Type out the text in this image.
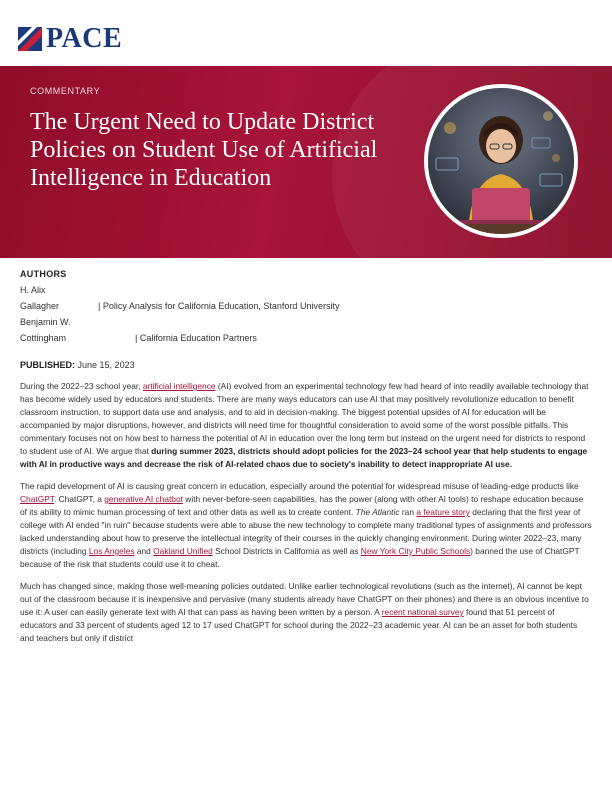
PACE
COMMENTARY
The Urgent Need to Update District Policies on Student Use of Artificial Intelligence in Education
AUTHORS
H. Alix
Gallagher	| Policy Analysis for California Education, Stanford University
Benjamin W.
Cottingham	| California Education Partners
PUBLISHED: June 15, 2023

During the 2022–23 school year, artificial intelligence (AI) evolved from an experimental technology few had heard of into readily available technology that has become widely used by educators and students. There are many ways educators can use AI that may positively revolutionize education to benefit classroom instruction, to support data use and analysis, and to aid in decision-making. The biggest potential upsides of AI for education will be accompanied by major disruptions, however, and districts will need time for thoughtful consideration to avoid some of the worst possible pitfalls. This commentary focuses not on how best to harness the potential of AI in education over the long term but instead on the urgent need for districts to respond to student use of AI. We argue that during summer 2023, districts should adopt policies for the 2023–24 school year that help students to engage with AI in productive ways and decrease the risk of AI-related chaos due to society's inability to detect inappropriate AI use.

The rapid development of AI is causing great concern in education, especially around the potential for widespread misuse of leading-edge products like ChatGPT. ChatGPT, a generative AI chatbot with never-before-seen capabilities, has the power (along with other AI tools) to reshape education because of its ability to mimic human processing of text and other data as well as to create content. The Atlantic ran a feature story declaring that the first year of college with AI ended "in ruin" because students were able to abuse the new technology to complete many traditional types of assignments and professors lacked understanding about how to preserve the intellectual integrity of their courses in the quickly changing environment. During winter 2022–23, many districts (including Los Angeles and Oakland Unified School Districts in California as well as New York City Public Schools) banned the use of ChatGPT because of the risk that students could use it to cheat.

Much has changed since, making those well-meaning policies outdated. Unlike earlier technological revolutions (such as the internet), AI cannot be kept out of the classroom because it is inexpensive and pervasive (many students already have ChatGPT on their phones) and there is an obvious incentive to use it: A user can easily generate text with AI that can pass as having been written by a person. A recent national survey found that 51 percent of educators and 33 percent of students aged 12 to 17 used ChatGPT for school during the 2022–23 academic year. AI can be an asset for both students and teachers but only if district
